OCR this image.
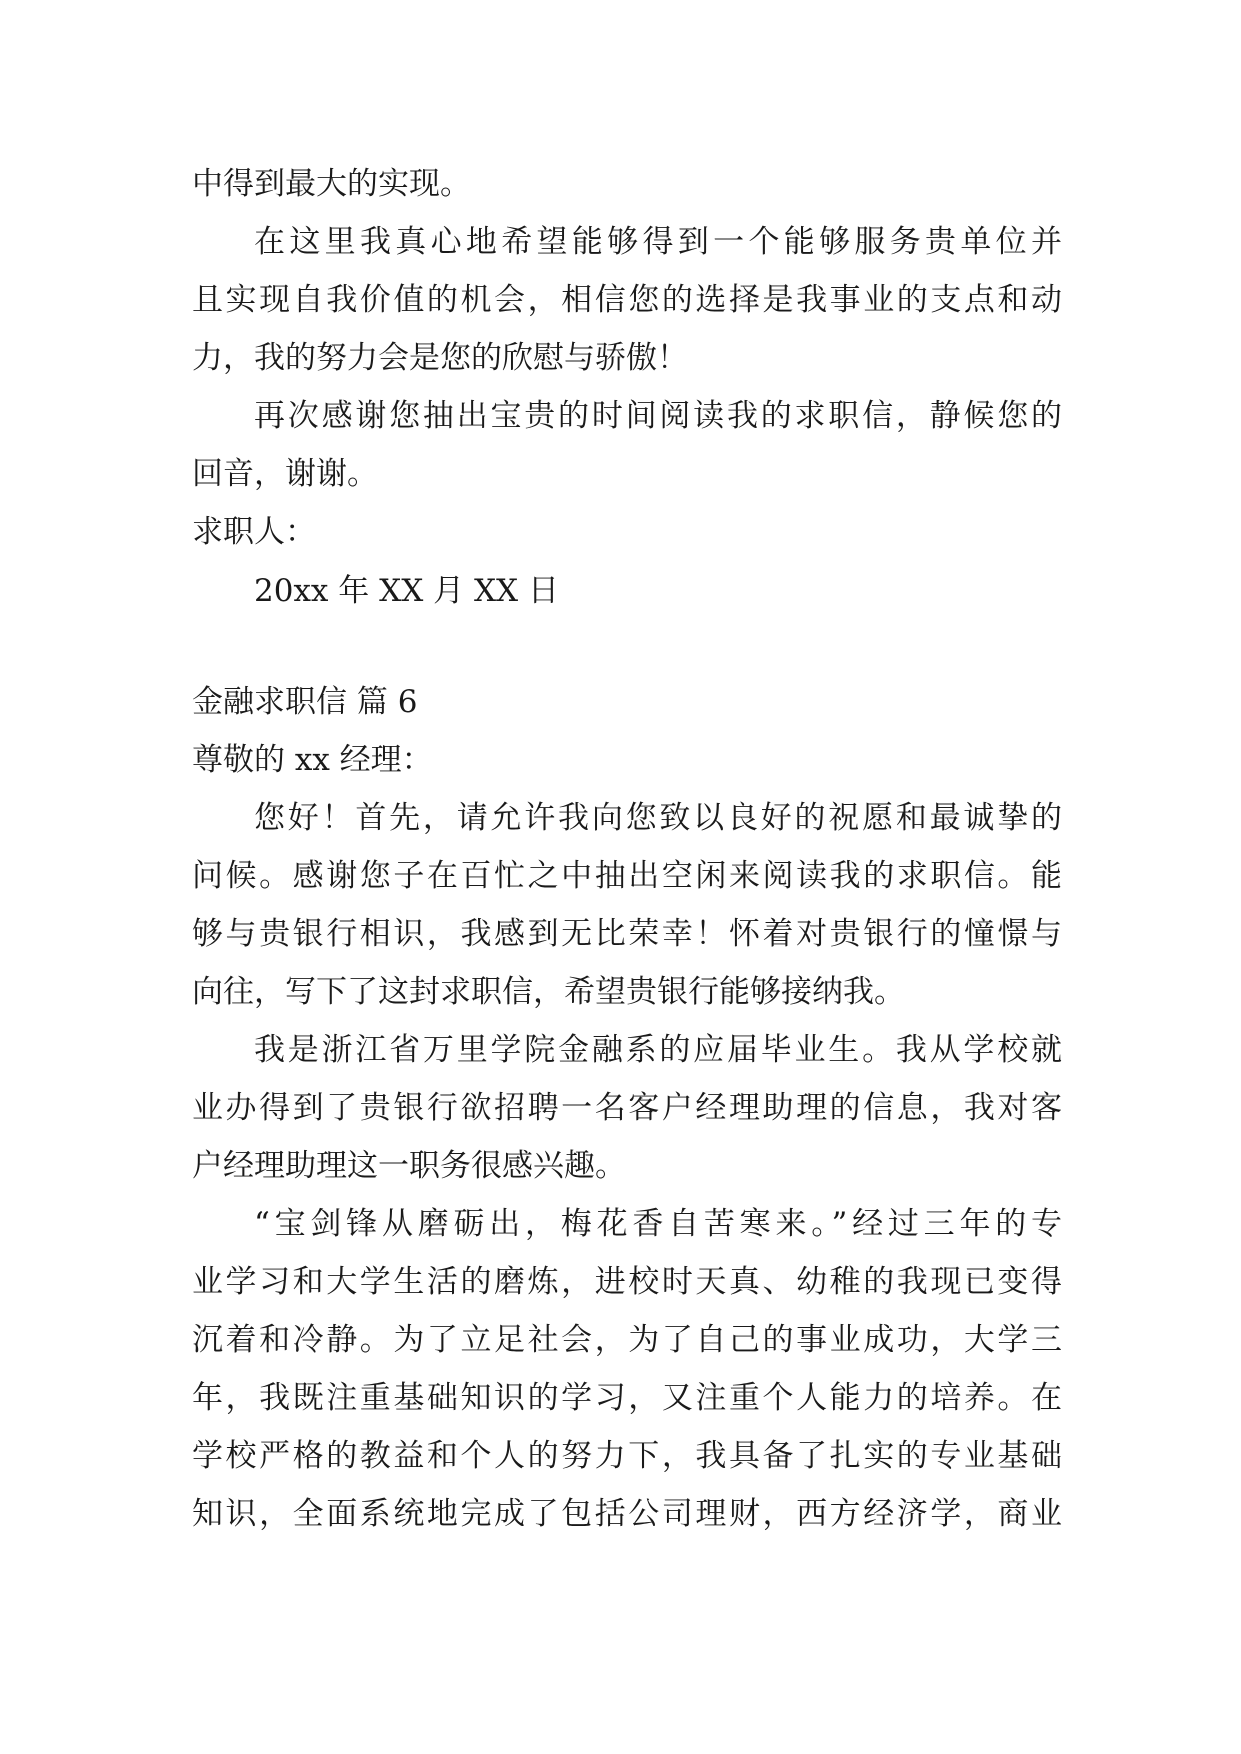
中得到最大的实现。

在这里我真心地希望能够得到一个能够服务贵单位并

且实现自我价值的机会，相信您的选择是我事业的支点和动

力，我的努力会是您的欣慰与骄傲！

再次感谢您抽出宝贵的时间阅读我的求职信，静候您的

回音，谢谢。

求职人：

20xx 年 XX 月 XX 日

金融求职信 篇 6

尊敬的 xx 经理：

您好！首先，请允许我向您致以良好的祝愿和最诚挚的

问候。感谢您子在百忙之中抽出空闲来阅读我的求职信。能

够与贵银行相识，我感到无比荣幸！怀着对贵银行的憧憬与

向往，写下了这封求职信，希望贵银行能够接纳我。

我是浙江省万里学院金融系的应届毕业生。我从学校就

业办得到了贵银行欲招聘一名客户经理助理的信息，我对客

户经理助理这一职务很感兴趣。

“宝剑锋从磨砺出，梅花香自苦寒来。”经过三年的专

业学习和大学生活的磨炼，进校时天真、幼稚的我现已变得

沉着和冷静。为了立足社会，为了自己的事业成功，大学三

年，我既注重基础知识的学习，又注重个人能力的培养。在

学校严格的教益和个人的努力下，我具备了扎实的专业基础

知识，全面系统地完成了包括公司理财，西方经济学，商业
